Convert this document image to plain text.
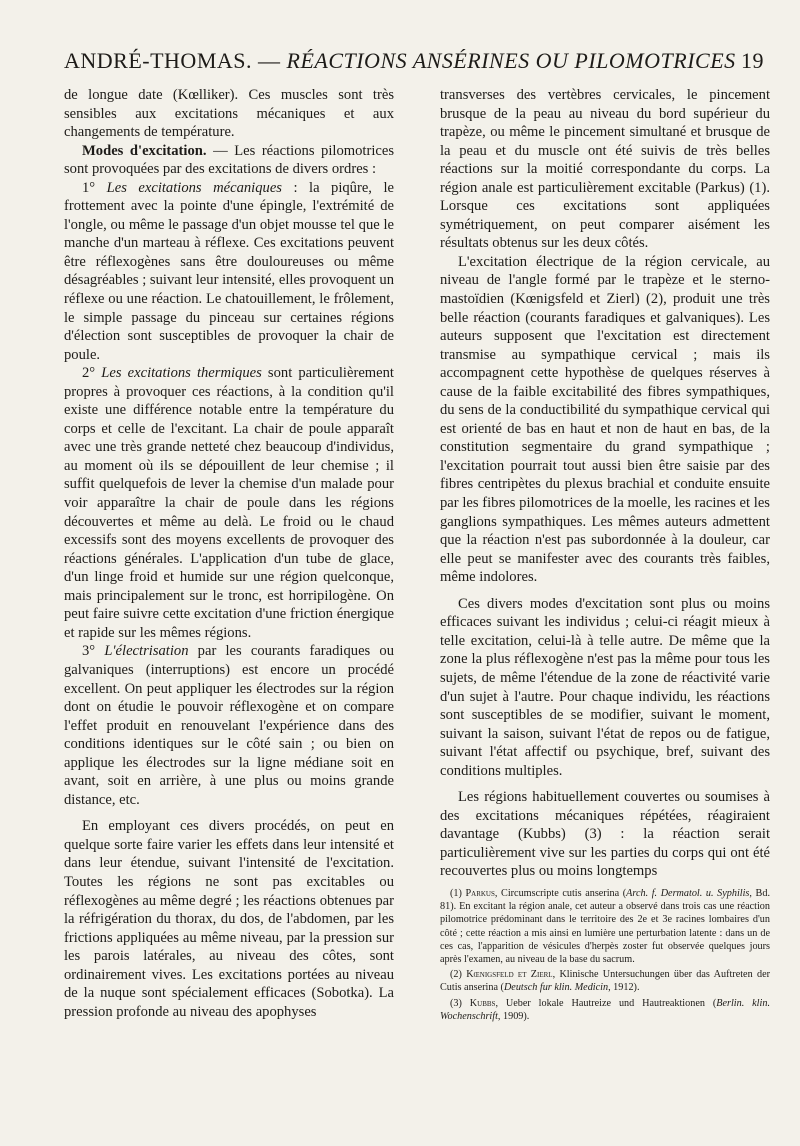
ANDRÉ-THOMAS. — RÉACTIONS ANSÉRINES OU PILOMOTRICES 19

de longue date (Kœlliker). Ces muscles sont très sensibles aux excitations mécaniques et aux changements de température.

Modes d'excitation. — Les réactions pilomotrices sont provoquées par des excitations de divers ordres :

1° Les excitations mécaniques : la piqûre, le frottement avec la pointe d'une épingle, l'extrémité de l'ongle, ou même le passage d'un objet mousse tel que le manche d'un marteau à réflexe. Ces excitations peuvent être réflexogènes sans être douloureuses ou même désagréables ; suivant leur intensité, elles provoquent un réflexe ou une réaction. Le chatouillement, le frôlement, le simple passage du pinceau sur certaines régions d'élection sont susceptibles de provoquer la chair de poule.

2° Les excitations thermiques sont particulièrement propres à provoquer ces réactions, à la condition qu'il existe une différence notable entre la température du corps et celle de l'excitant. La chair de poule apparaît avec une très grande netteté chez beaucoup d'individus, au moment où ils se dépouillent de leur chemise ; il suffit quelquefois de lever la chemise d'un malade pour voir apparaître la chair de poule dans les régions découvertes et même au delà. Le froid ou le chaud excessifs sont des moyens excellents de provoquer des réactions générales. L'application d'un tube de glace, d'un linge froid et humide sur une région quelconque, mais principalement sur le tronc, est horripilogène. On peut faire suivre cette excitation d'une friction énergique et rapide sur les mêmes régions.

3° L'électrisation par les courants faradiques ou galvaniques (interruptions) est encore un procédé excellent. On peut appliquer les électrodes sur la région dont on étudie le pouvoir réflexogène et on compare l'effet produit en renouvelant l'expérience dans des conditions identiques sur le côté sain ; ou bien on applique les électrodes sur la ligne médiane soit en avant, soit en arrière, à une plus ou moins grande distance, etc.

En employant ces divers procédés, on peut en quelque sorte faire varier les effets dans leur intensité et dans leur étendue, suivant l'intensité de l'excitation. Toutes les régions ne sont pas excitables ou réflexogènes au même degré ; les réactions obtenues par la réfrigération du thorax, du dos, de l'abdomen, par les frictions appliquées au même niveau, par la pression sur les parois latérales, au niveau des côtes, sont ordinairement vives. Les excitations portées au niveau de la nuque sont spécialement efficaces (Sobotka). La pression profonde au niveau des apophyses

transverses des vertèbres cervicales, le pincement brusque de la peau au niveau du bord supérieur du trapèze, ou même le pincement simultané et brusque de la peau et du muscle ont été suivis de très belles réactions sur la moitié correspondante du corps. La région anale est particulièrement excitable (Parkus) (1). Lorsque ces excitations sont appliquées symétriquement, on peut comparer aisément les résultats obtenus sur les deux côtés.

L'excitation électrique de la région cervicale, au niveau de l'angle formé par le trapèze et le sterno-mastoïdien (Kœnigsfeld et Zierl) (2), produit une très belle réaction (courants faradiques et galvaniques). Les auteurs supposent que l'excitation est directement transmise au sympathique cervical ; mais ils accompagnent cette hypothèse de quelques réserves à cause de la faible excitabilité des fibres sympathiques, du sens de la conductibilité du sympathique cervical qui est orienté de bas en haut et non de haut en bas, de la constitution segmentaire du grand sympathique ; l'excitation pourrait tout aussi bien être saisie par des fibres centripètes du plexus brachial et conduite ensuite par les fibres pilomotrices de la moelle, les racines et les ganglions sympathiques. Les mêmes auteurs admettent que la réaction n'est pas subordonnée à la douleur, car elle peut se manifester avec des courants très faibles, même indolores.

Ces divers modes d'excitation sont plus ou moins efficaces suivant les individus ; celui-ci réagit mieux à telle excitation, celui-là à telle autre. De même que la zone la plus réflexogène n'est pas la même pour tous les sujets, de même l'étendue de la zone de réactivité varie d'un sujet à l'autre. Pour chaque individu, les réactions sont susceptibles de se modifier, suivant le moment, suivant la saison, suivant l'état de repos ou de fatigue, suivant l'état affectif ou psychique, bref, suivant des conditions multiples.

Les régions habituellement couvertes ou soumises à des excitations mécaniques répétées, réagiraient davantage (Kubbs) (3) : la réaction serait particulièrement vive sur les parties du corps qui ont été recouvertes plus ou moins longtemps

(1) Parkus, Circumscripte cutis anserina (Arch. f. Dermatol. u. Syphilis, Bd. 81). En excitant la région anale, cet auteur a observé dans trois cas une réaction pilomotrice prédominant dans le territoire des 2e et 3e racines lombaires d'un côté ; cette réaction a mis ainsi en lumière une perturbation latente : dans un de ces cas, l'apparition de vésicules d'herpès zoster fut observée quelques jours après l'examen, au niveau de la base du sacrum.

(2) Kœnigsfeld et Zierl, Klinische Untersuchungen über das Auftreten der Cutis anserina (Deutsch fur klin. Medicin, 1912).

(3) Kubbs, Ueber lokale Hautreize und Hautreaktionen (Berlin. klin. Wochenschrift, 1909).
